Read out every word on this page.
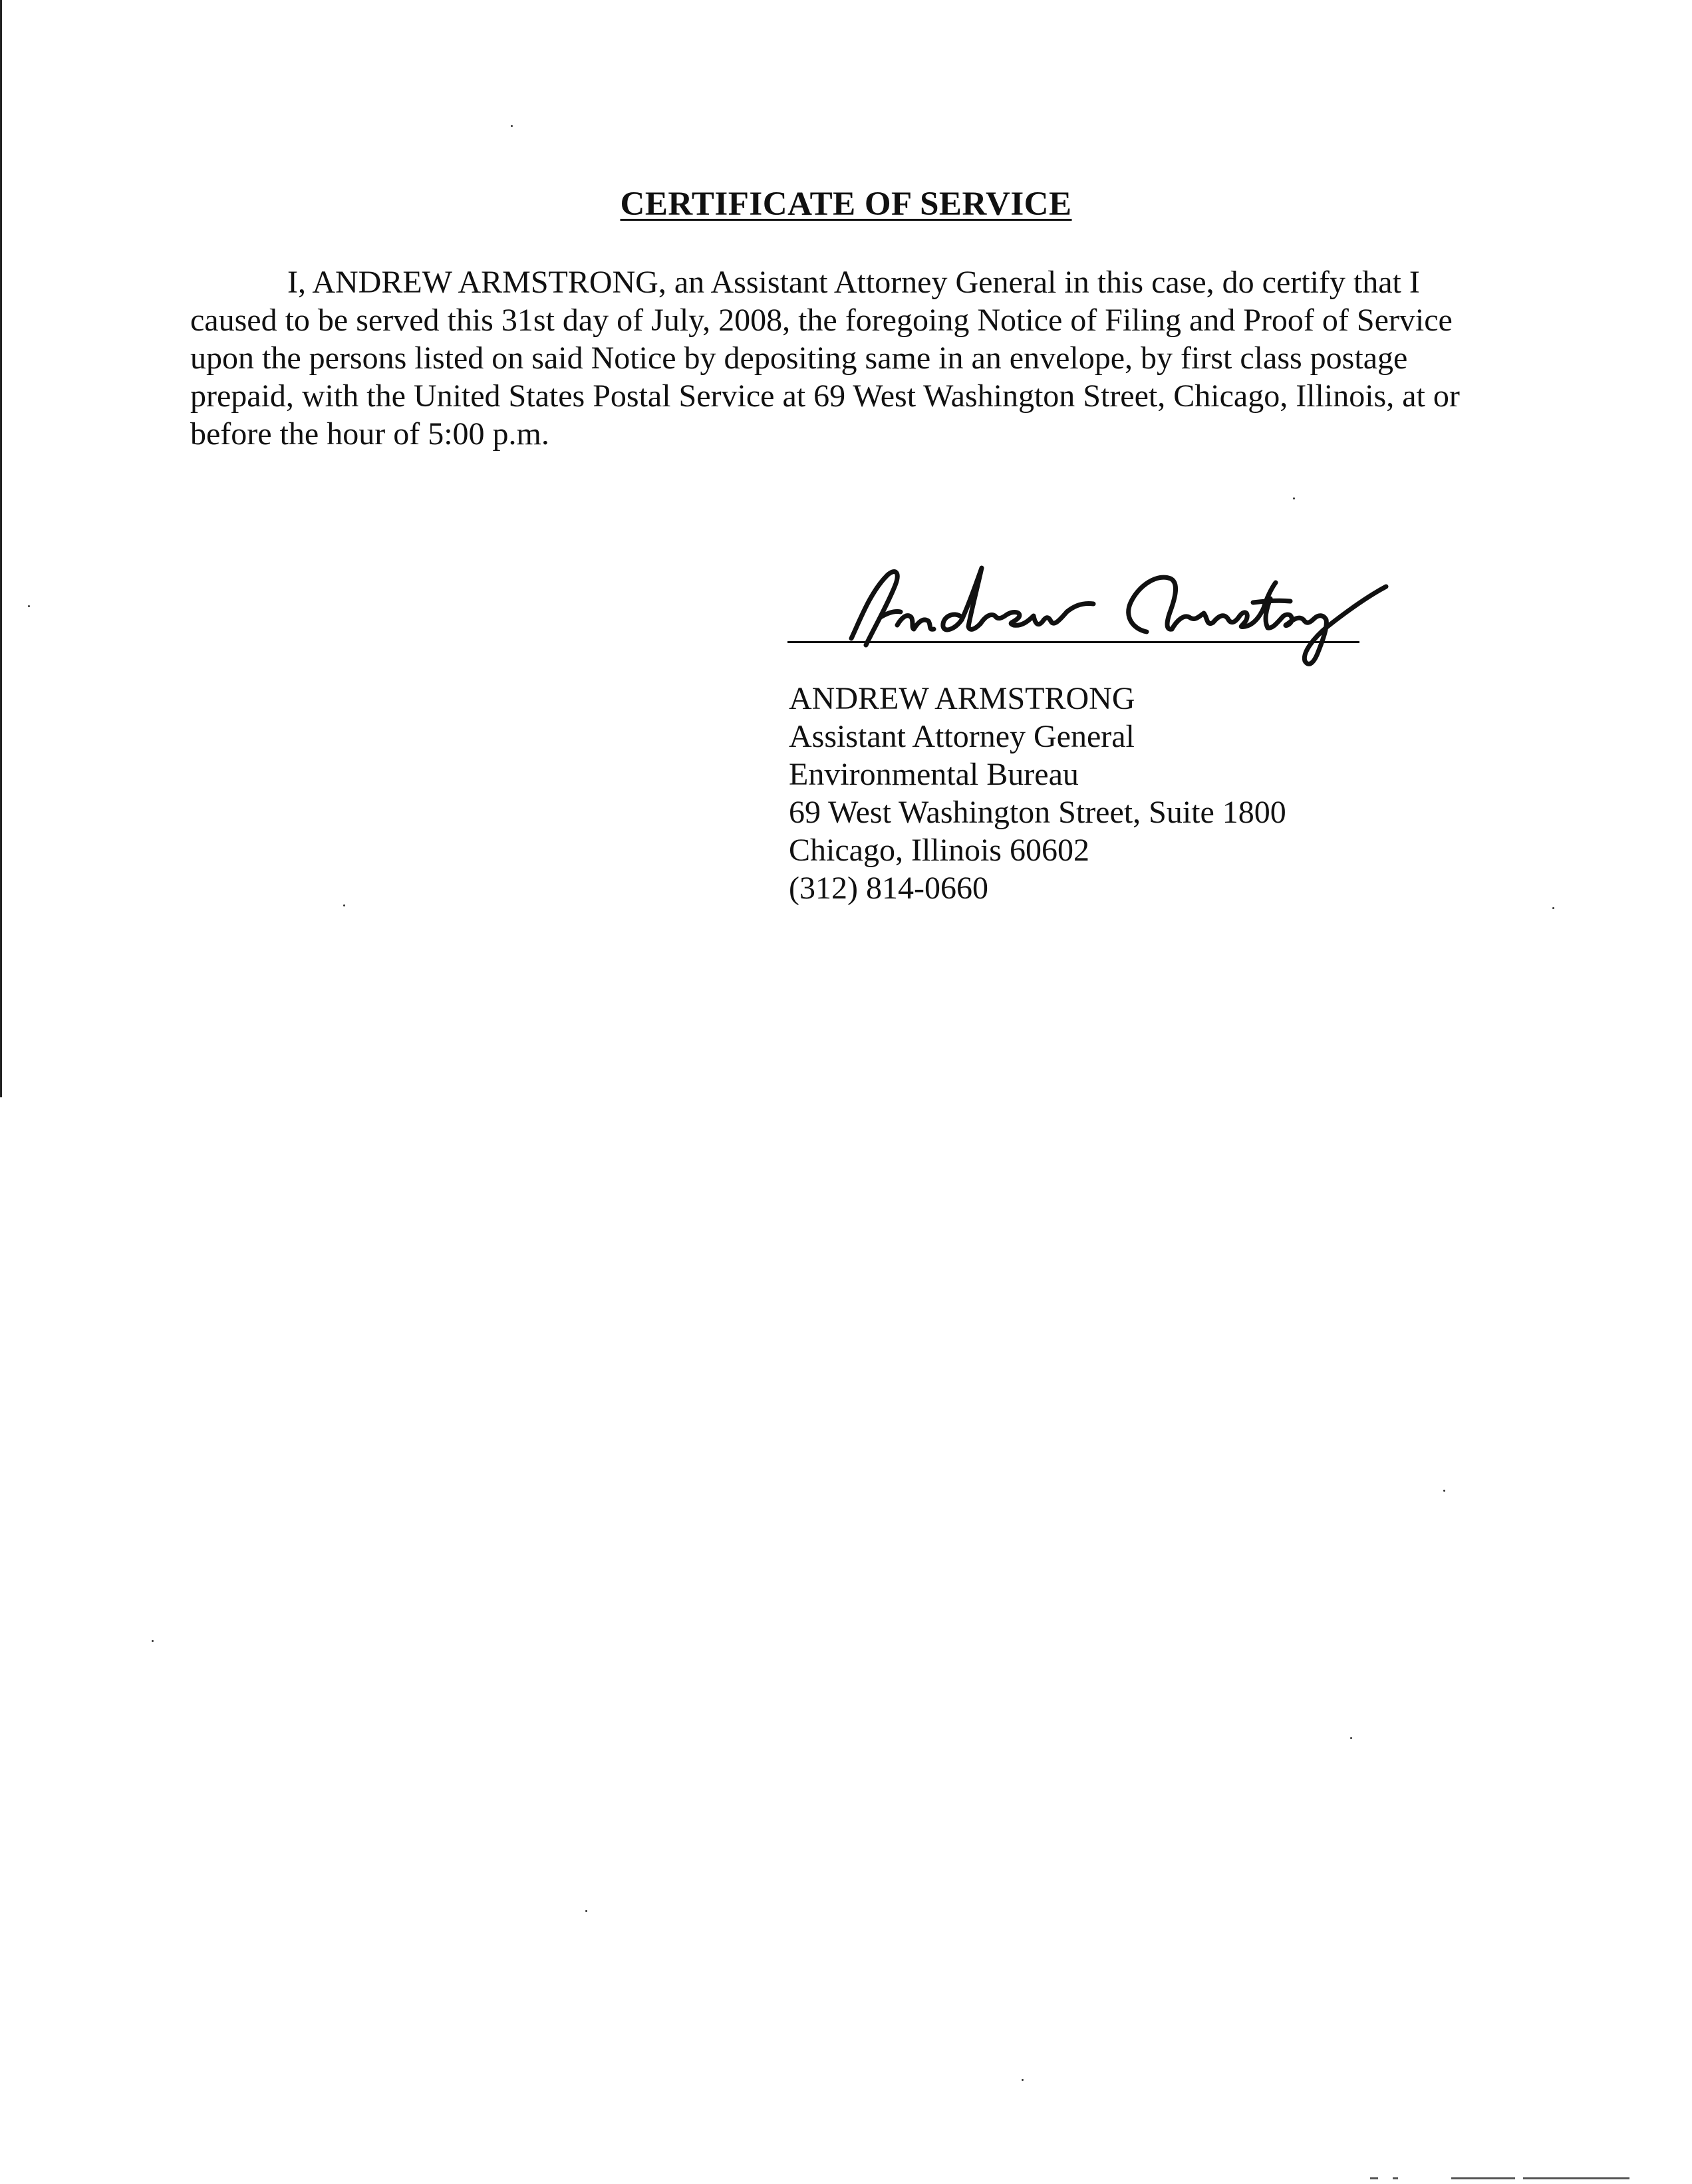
CERTIFICATE OF SERVICE

I, ANDREW ARMSTRONG, an Assistant Attorney General in this case, do certify that I caused to be served this 31st day of July, 2008, the foregoing Notice of Filing and Proof of Service upon the persons listed on said Notice by depositing same in an envelope, by first class postage prepaid, with the United States Postal Service at 69 West Washington Street, Chicago, Illinois, at or before the hour of 5:00 p.m.

ANDREW ARMSTRONG
Assistant Attorney General
Environmental Bureau
69 West Washington Street, Suite 1800
Chicago, Illinois 60602
(312) 814-0660
